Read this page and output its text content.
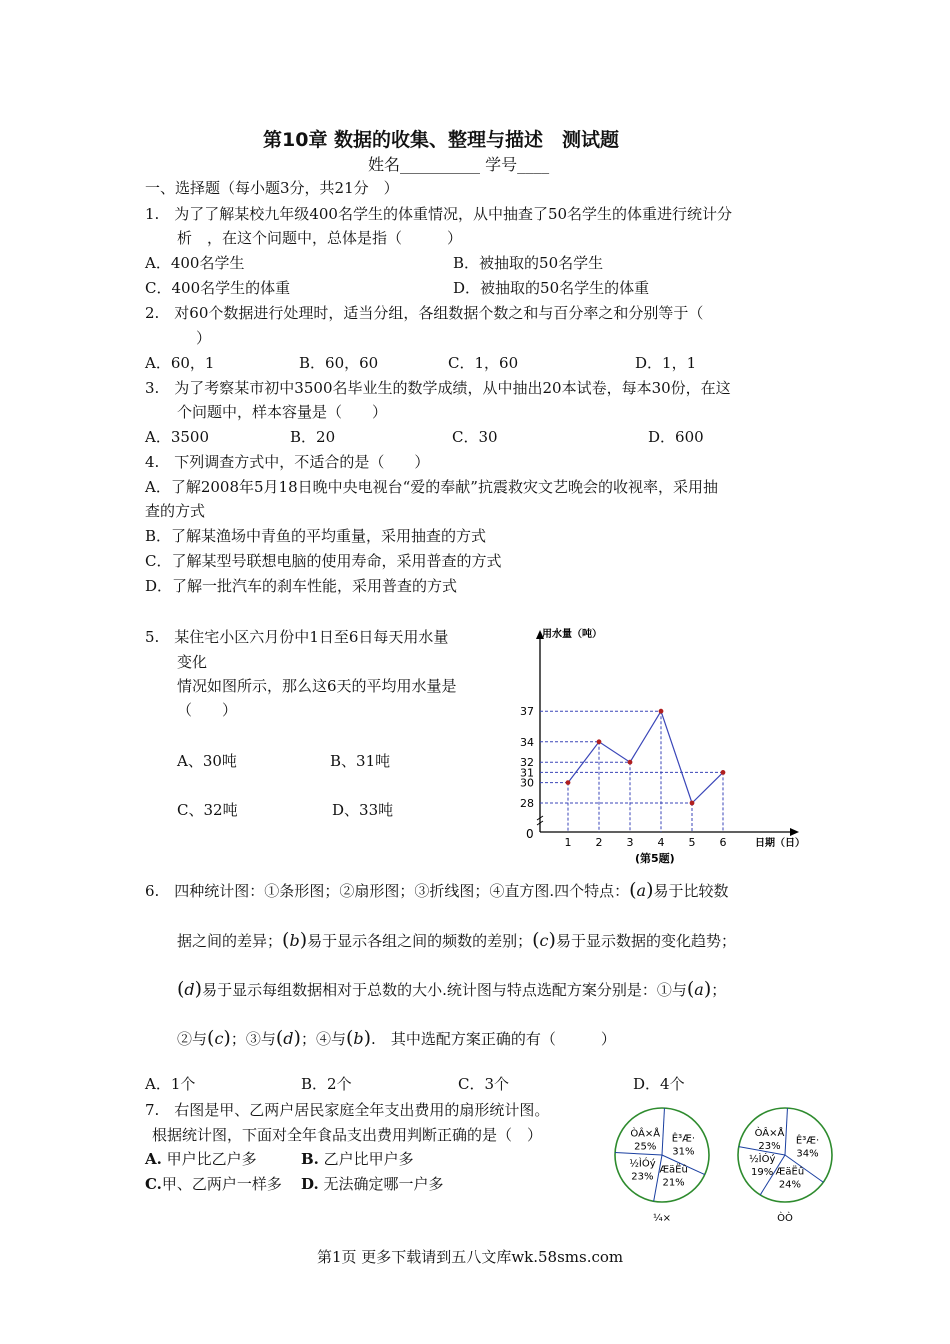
第10章 数据的收集、整理与描述　测试题
姓名__________ 学号____
一、选择题（每小题3分，共21分　）
1.　为了了解某校九年级400名学生的体重情况，从中抽查了50名学生的体重进行统计分
析　，在这个问题中，总体是指（　　　）
A．400名学生	B．被抽取的50名学生
C．400名学生的体重	D．被抽取的50名学生的体重
2.　对60个数据进行处理时，适当分组，各组数据个数之和与百分率之和分别等于（
）
A．60，1	B．60，60	C．1，60	D．1，1
3.　为了考察某市初中3500名毕业生的数学成绩，从中抽出20本试卷，每本30份，在这
个问题中，样本容量是（　　）
A．3500	B．20	C．30	D．600
4.　下列调查方式中，不适合的是（　　）
A．了解2008年5月18日晚中央电视台“爱的奉献”抗震救灾文艺晚会的收视率，采用抽
查的方式
B．了解某渔场中青鱼的平均重量，采用抽查的方式
C．了解某型号联想电脑的使用寿命，采用普查的方式
D．了解一批汽车的刹车性能，采用普查的方式
5.　某住宅小区六月份中1日至6日每天用水量
变化
情况如图所示，那么这6天的平均用水量是
（　　）
A、30吨	B、31吨
C、32吨	D、33吨
用水量（吨）
日期（日）
0
28
30
31
32
34
37
1 2 3 4 5 6
(第5题)
6.　四种统计图：①条形图；②扇形图；③折线图；④直方图.四个特点：(a)易于比较数
据之间的差异；(b)易于显示各组之间的频数的差别；(c)易于显示数据的变化趋势；
(d)易于显示每组数据相对于总数的大小.统计图与特点选配方案分别是：①与(a)；
②与(c)；③与(d)；④与(b).　其中选配方案正确的有（　　　）
A．1个	B．2个	C．3个	D．4个
7.　右图是甲、乙两户居民家庭全年支出费用的扇形统计图。
根据统计图，下面对全年食品支出费用判断正确的是（　）
A. 甲户比乙户多	B. 乙户比甲户多
C.甲、乙两户一样多 D. 无法确定哪一户多
ÒÂ×Å
25%
Ê³Æ·
31%
ÆäËû
21%
½ÌÓý
23%
¼×
ÒÂ×Å
23% Ê³Æ·
34%
ÆäËû
24%
½ÌÓý
19%
ÒÒ
第1页 更多下载请到五八文库wk.58sms.com
